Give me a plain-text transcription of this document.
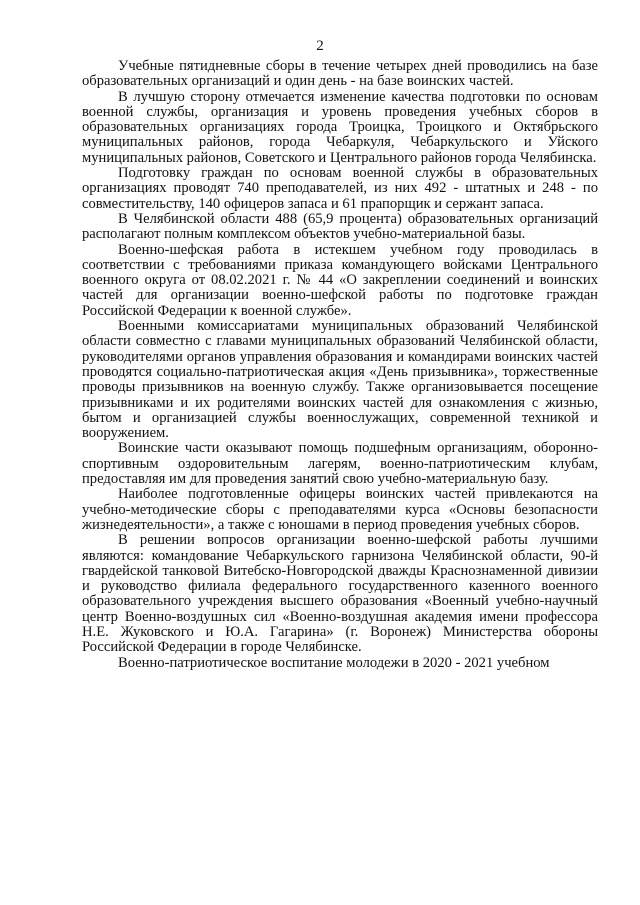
2

Учебные пятидневные сборы в течение четырех дней проводились на базе образовательных организаций и один день - на базе воинских частей.

В лучшую сторону отмечается изменение качества подготовки по основам военной службы, организация и уровень проведения учебных сборов в образовательных организациях города Троицка, Троицкого и Октябрьского муниципальных районов, города Чебаркуля, Чебаркульского и Уйского муниципальных районов, Советского и Центрального районов города Челябинска.

Подготовку граждан по основам военной службы в образовательных организациях проводят 740 преподавателей, из них 492 - штатных и 248 - по совместительству, 140 офицеров запаса и 61 прапорщик и сержант запаса.

В Челябинской области 488 (65,9 процента) образовательных организаций располагают полным комплексом объектов учебно-материальной базы.

Военно-шефская работа в истекшем учебном году проводилась в соответствии с требованиями приказа командующего войсками Центрального военного округа от 08.02.2021 г. № 44 «О закреплении соединений и воинских частей для организации военно-шефской работы по подготовке граждан Российской Федерации к военной службе».

Военными комиссариатами муниципальных образований Челябинской области совместно с главами муниципальных образований Челябинской области, руководителями органов управления образования и командирами воинских частей проводятся социально-патриотическая акция «День призывника», торжественные проводы призывников на военную службу. Также организовывается посещение призывниками и их родителями воинских частей для ознакомления с жизнью, бытом и организацией службы военнослужащих, современной техникой и вооружением.

Воинские части оказывают помощь подшефным организациям, оборонно-спортивным оздоровительным лагерям, военно-патриотическим клубам, предоставляя им для проведения занятий свою учебно-материальную базу.

Наиболее подготовленные офицеры воинских частей привлекаются на учебно-методические сборы с преподавателями курса «Основы безопасности жизнедеятельности», а также с юношами в период проведения учебных сборов.

В решении вопросов организации военно-шефской работы лучшими являются: командование Чебаркульского гарнизона Челябинской области, 90-й гвардейской танковой Витебско-Новгородской дважды Краснознаменной дивизии и руководство филиала федерального государственного казенного военного образовательного учреждения высшего образования «Военный учебно-научный центр Военно-воздушных сил «Военно-воздушная академия имени профессора Н.Е. Жуковского и Ю.А. Гагарина» (г. Воронеж) Министерства обороны Российской Федерации в городе Челябинске.

Военно-патриотическое воспитание молодежи в 2020 - 2021 учебном
